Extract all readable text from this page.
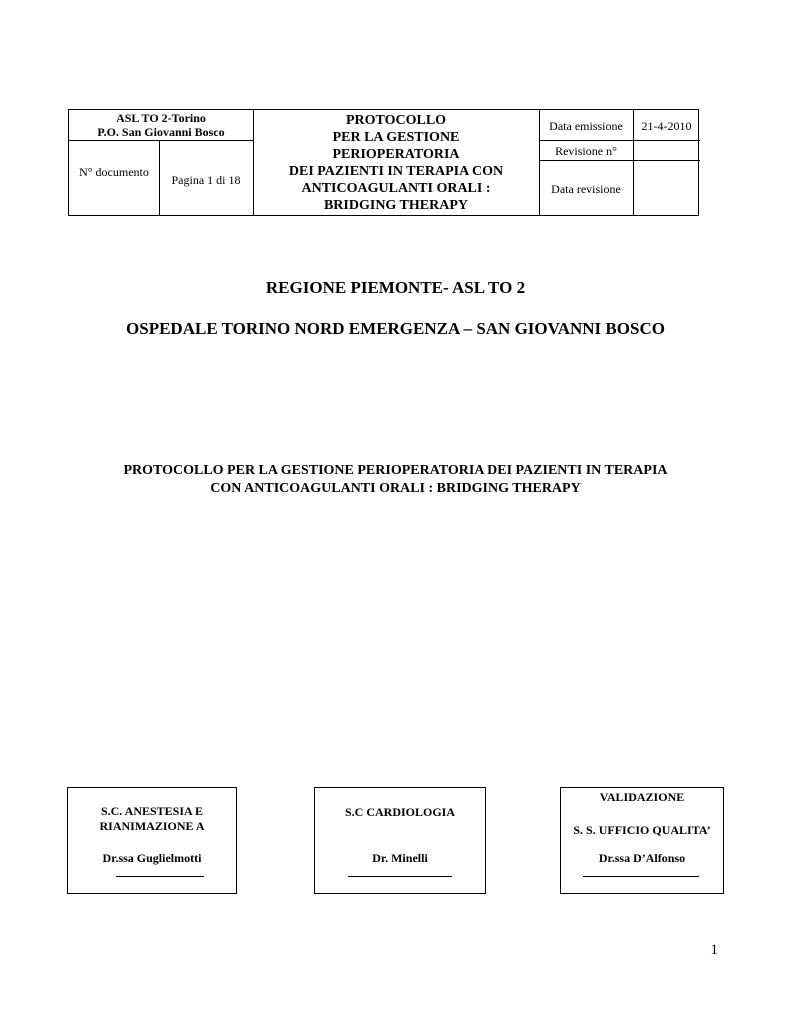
ASL TO 2-Torino
P.O. San Giovanni Bosco
N° documento
Pagina 1 di 18
PROTOCOLLO
PER LA GESTIONE
PERIOPERATORIA
DEI PAZIENTI IN TERAPIA CON
ANTICOAGULANTI ORALI :
BRIDGING THERAPY
Data emissione	21-4-2010
Revisione n°
Data revisione
REGIONE PIEMONTE- ASL TO 2
OSPEDALE TORINO NORD EMERGENZA – SAN GIOVANNI BOSCO
PROTOCOLLO PER LA GESTIONE PERIOPERATORIA DEI PAZIENTI IN TERAPIA
CON ANTICOAGULANTI ORALI : BRIDGING THERAPY
S.C. ANESTESIA E
RIANIMAZIONE A
Dr.ssa Guglielmotti
S.C CARDIOLOGIA
Dr. Minelli
VALIDAZIONE
S. S. UFFICIO QUALITA’
Dr.ssa D’Alfonso
1
